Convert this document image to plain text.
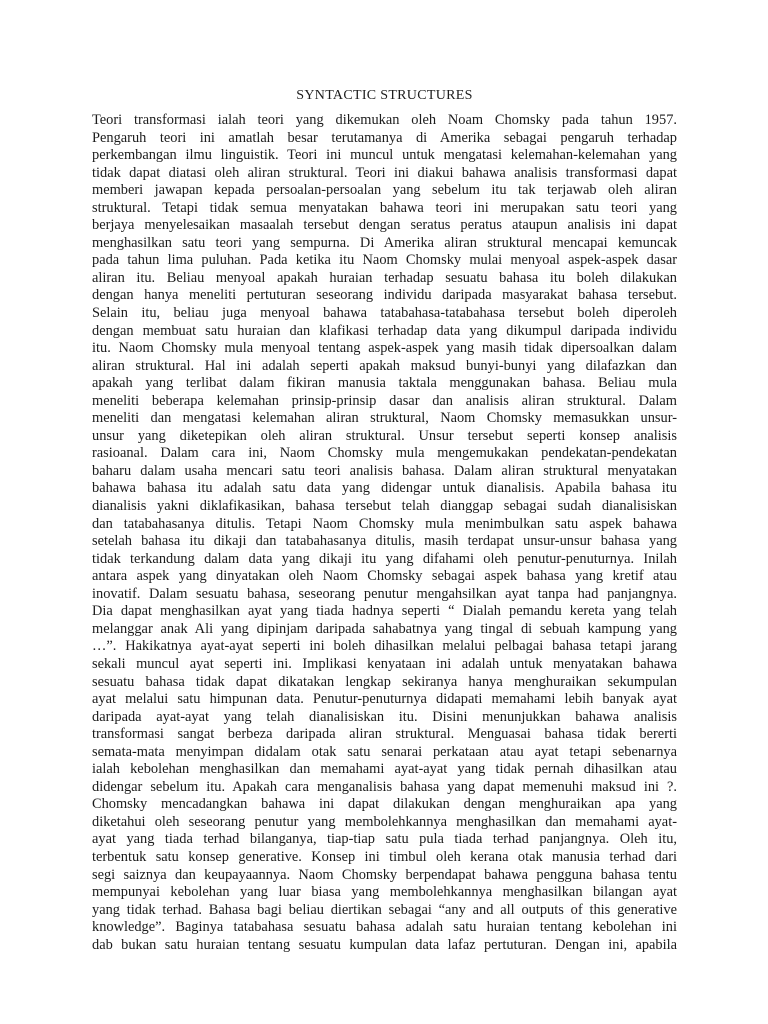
SYNTACTIC STRUCTURES
Teori transformasi ialah teori yang dikemukan oleh Noam Chomsky pada tahun 1957.
Pengaruh teori ini amatlah besar terutamanya di Amerika sebagai pengaruh terhadap
perkembangan ilmu linguistik. Teori ini muncul untuk mengatasi kelemahan-kelemahan yang
tidak dapat diatasi oleh aliran struktural. Teori ini diakui bahawa analisis transformasi dapat
memberi jawapan kepada persoalan-persoalan yang sebelum itu tak terjawab oleh aliran
struktural. Tetapi tidak semua menyatakan bahawa teori ini merupakan satu teori yang
berjaya menyelesaikan masaalah tersebut dengan seratus peratus ataupun analisis ini dapat
menghasilkan satu teori yang sempurna. Di Amerika aliran struktural mencapai kemuncak
pada tahun lima puluhan. Pada ketika itu Naom Chomsky mulai menyoal aspek-aspek dasar
aliran itu. Beliau menyoal apakah huraian terhadap sesuatu bahasa itu boleh dilakukan
dengan hanya meneliti pertuturan seseorang individu daripada masyarakat bahasa tersebut.
Selain itu, beliau juga menyoal bahawa tatabahasa-tatabahasa tersebut boleh diperoleh
dengan membuat satu huraian dan klafikasi terhadap data yang dikumpul daripada individu
itu. Naom Chomsky mula menyoal tentang aspek-aspek yang masih tidak dipersoalkan dalam
aliran struktural. Hal ini adalah seperti apakah maksud bunyi-bunyi yang dilafazkan dan
apakah yang terlibat dalam fikiran manusia taktala menggunakan bahasa. Beliau mula
meneliti beberapa kelemahan prinsip-prinsip dasar dan analisis aliran struktural. Dalam
meneliti dan mengatasi kelemahan aliran struktural, Naom Chomsky memasukkan unsur-
unsur yang diketepikan oleh aliran struktural. Unsur tersebut seperti konsep analisis
rasioanal. Dalam cara ini, Naom Chomsky mula mengemukakan pendekatan-pendekatan
baharu dalam usaha mencari satu teori analisis bahasa. Dalam aliran struktural menyatakan
bahawa bahasa itu adalah satu data yang didengar untuk dianalisis. Apabila bahasa itu
dianalisis yakni diklafikasikan, bahasa tersebut telah dianggap sebagai sudah dianalisiskan
dan tatabahasanya ditulis. Tetapi Naom Chomsky mula menimbulkan satu aspek bahawa
setelah bahasa itu dikaji dan tatabahasanya ditulis, masih terdapat unsur-unsur bahasa yang
tidak terkandung dalam data yang dikaji itu yang difahami oleh penutur-penuturnya. Inilah
antara aspek yang dinyatakan oleh Naom Chomsky sebagai aspek bahasa yang kretif atau
inovatif. Dalam sesuatu bahasa, seseorang penutur mengahsilkan ayat tanpa had panjangnya.
Dia dapat menghasilkan ayat yang tiada hadnya seperti “ Dialah pemandu kereta yang telah
melanggar anak Ali yang dipinjam daripada sahabatnya yang tingal di sebuah kampung yang
…”. Hakikatnya ayat-ayat seperti ini boleh dihasilkan melalui pelbagai bahasa tetapi jarang
sekali muncul ayat seperti ini. Implikasi kenyataan ini adalah untuk menyatakan bahawa
sesuatu bahasa tidak dapat dikatakan lengkap sekiranya hanya menghuraikan sekumpulan
ayat melalui satu himpunan data. Penutur-penuturnya didapati memahami lebih banyak ayat
daripada ayat-ayat yang telah dianalisiskan itu. Disini menunjukkan bahawa analisis
transformasi sangat berbeza daripada aliran struktural. Menguasai bahasa tidak bererti
semata-mata menyimpan didalam otak satu senarai perkataan atau ayat tetapi sebenarnya
ialah kebolehan menghasilkan dan memahami ayat-ayat yang tidak pernah dihasilkan atau
didengar sebelum itu. Apakah cara menganalisis bahasa yang dapat memenuhi maksud ini ?.
Chomsky mencadangkan bahawa ini dapat dilakukan dengan menghuraikan apa yang
diketahui oleh seseorang penutur yang membolehkannya menghasilkan dan memahami ayat-
ayat yang tiada terhad bilanganya, tiap-tiap satu pula tiada terhad panjangnya. Oleh itu,
terbentuk satu konsep generative. Konsep ini timbul oleh kerana otak manusia terhad dari
segi saiznya dan keupayaannya. Naom Chomsky berpendapat bahawa pengguna bahasa tentu
mempunyai kebolehan yang luar biasa yang membolehkannya menghasilkan bilangan ayat
yang tidak terhad. Bahasa bagi beliau diertikan sebagai “any and all outputs of this generative
knowledge”. Baginya tatabahasa sesuatu bahasa adalah satu huraian tentang kebolehan ini
dab bukan satu huraian tentang sesuatu kumpulan data lafaz pertuturan. Dengan ini, apabila
